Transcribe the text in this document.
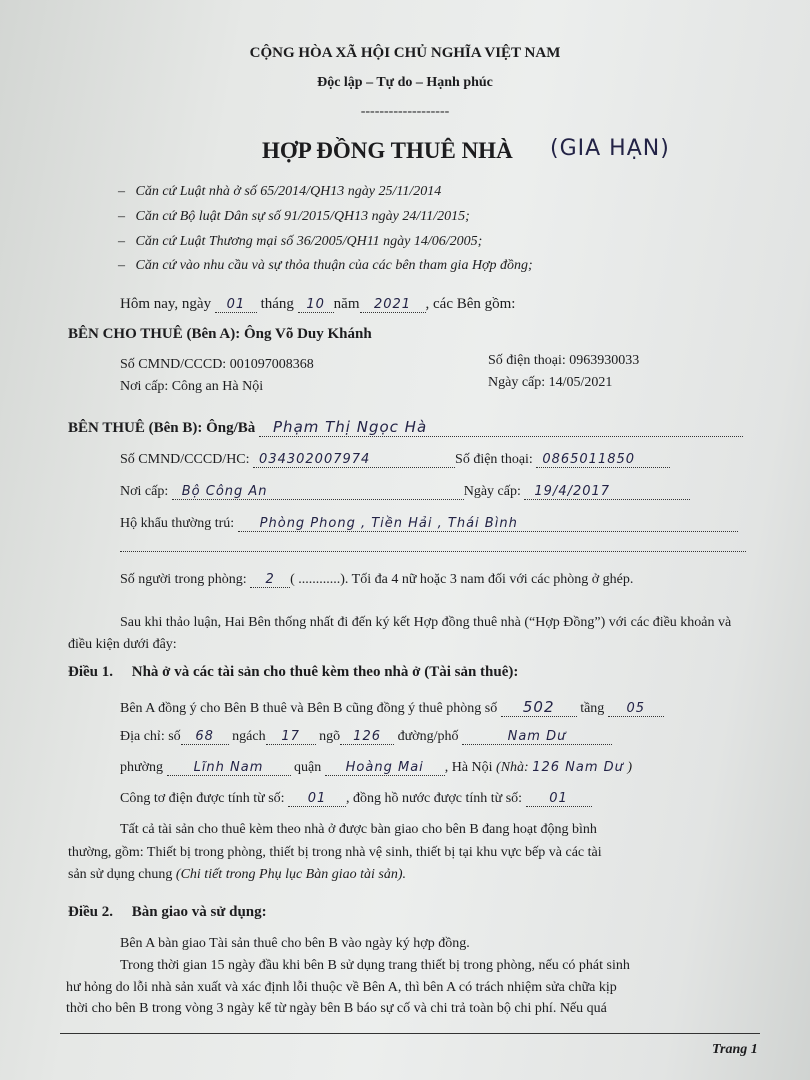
CỘNG HÒA XÃ HỘI CHỦ NGHĨA VIỆT NAM
Độc lập – Tự do – Hạnh phúc
-------------------
HỢP ĐỒNG THUÊ NHÀ (GIA HẠN)
–   Căn cứ Luật nhà ở số 65/2014/QH13 ngày 25/11/2014
–   Căn cứ Bộ luật Dân sự số 91/2015/QH13 ngày 24/11/2015;
–   Căn cứ Luật Thương mại số 36/2005/QH11 ngày 14/06/2005;
–   Căn cứ vào nhu cầu và sự thỏa thuận của các bên tham gia Hợp đồng;
Hôm nay, ngày 01 tháng 10 năm 2021 , các Bên gồm:
BÊN CHO THUÊ (Bên A): Ông Võ Duy Khánh
Số CMND/CCCD: 001097008368	Số điện thoại: 0963930033
Nơi cấp: Công an Hà Nội	Ngày cấp: 14/05/2021
BÊN THUÊ (Bên B): Ông/Bà Phạm Thị Ngọc Hà
Số CMND/CCCD/HC: 034302007974	Số điện thoại: 0865011850
Nơi cấp: Bộ Công An	Ngày cấp: 19/4/2017
Hộ khẩu thường trú: Phòng Phong , Tiền Hải , Thái Bình
Số người trong phòng: 2 ( ............). Tối đa 4 nữ hoặc 3 nam đối với các phòng ở ghép.
Sau khi thảo luận, Hai Bên thống nhất đi đến ký kết Hợp đồng thuê nhà (“Hợp Đồng”) với các điều khoản và điều kiện dưới đây:
Điều 1. Nhà ở và các tài sản cho thuê kèm theo nhà ở (Tài sản thuê):
Bên A đồng ý cho Bên B thuê và Bên B cũng đồng ý thuê phòng số 502 tầng 05
Địa chỉ: số 68 ngách 17 ngõ 126 đường/phố	Nam Dư
phường Lĩnh Nam quận Hoàng Mai , Hà Nội (Nhà: 126 Nam Dư )
Công tơ điện được tính từ số: 01 , đồng hồ nước được tính từ số: 01
Tất cả tài sản cho thuê kèm theo nhà ở được bàn giao cho bên B đang hoạt động bình
thường, gồm: Thiết bị trong phòng, thiết bị trong nhà vệ sinh, thiết bị tại khu vực bếp và các tài
sản sử dụng chung (Chi tiết trong Phụ lục Bàn giao tài sản).
Điều 2. Bàn giao và sử dụng:
Bên A bàn giao Tài sản thuê cho bên B vào ngày ký hợp đồng.
Trong thời gian 15 ngày đầu khi bên B sử dụng trang thiết bị trong phòng, nếu có phát sinh
hư hỏng do lỗi nhà sản xuất và xác định lỗi thuộc về Bên A, thì bên A có trách nhiệm sửa chữa kịp
thời cho bên B trong vòng 3 ngày kể từ ngày bên B báo sự cố và chi trả toàn bộ chi phí. Nếu quá
Trang 1
